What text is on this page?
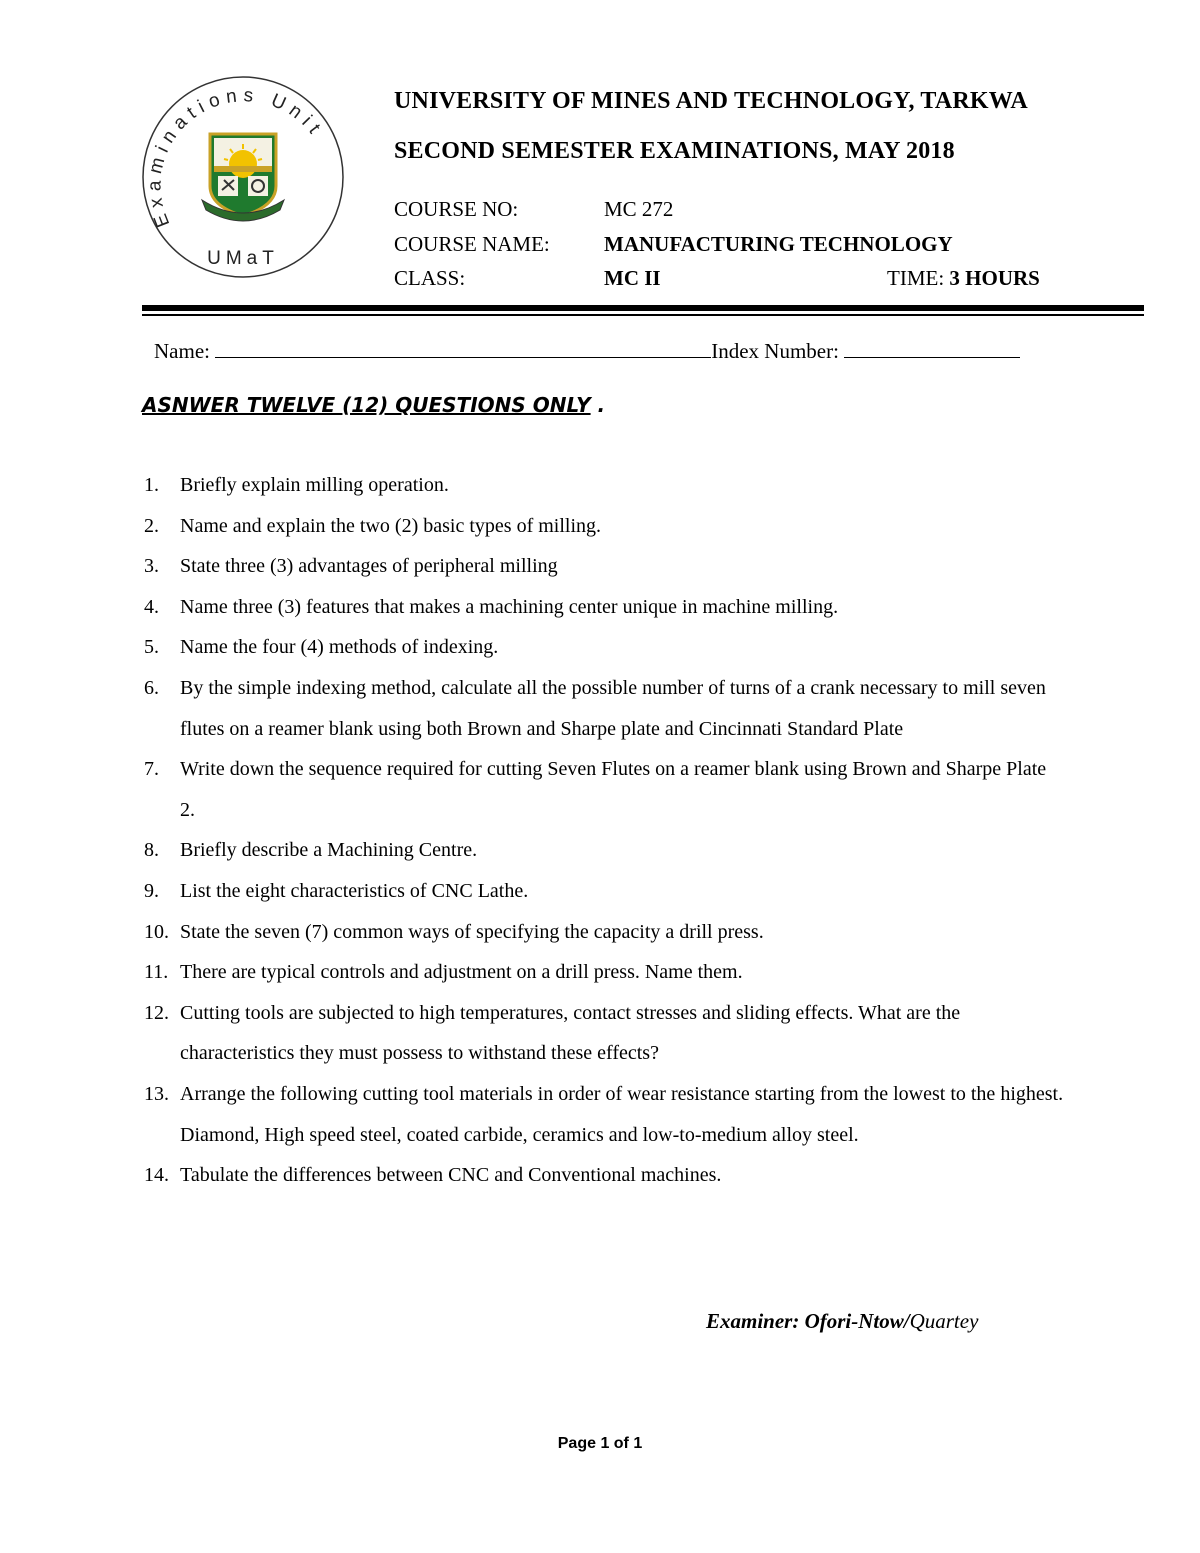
Examinations Unit
UMaT
UNIVERSITY OF MINES AND TECHNOLOGY, TARKWA
SECOND SEMESTER EXAMINATIONS, MAY 2018
COURSE NO:	MC 272
COURSE NAME:	MANUFACTURING TECHNOLOGY
CLASS:	MC II	TIME: 3 HOURS
Name:	Index Number:
ASNWER TWELVE (12) QUESTIONS ONLY .
1. Briefly explain milling operation.
2. Name and explain the two (2) basic types of milling.
3. State three (3) advantages of peripheral milling
4. Name three (3) features that makes a machining center unique in machine milling.
5. Name the four (4) methods of indexing.
6. By the simple indexing method, calculate all the possible number of turns of a crank necessary to mill seven flutes on a reamer blank using both Brown and Sharpe plate and Cincinnati Standard Plate
7. Write down the sequence required for cutting Seven Flutes on a reamer blank using Brown and Sharpe Plate 2.
8. Briefly describe a Machining Centre.
9. List the eight characteristics of CNC Lathe.
10. State the seven (7) common ways of specifying the capacity a drill press.
11. There are typical controls and adjustment on a drill press. Name them.
12. Cutting tools are subjected to high temperatures, contact stresses and sliding effects. What are the characteristics they must possess to withstand these effects?
13. Arrange the following cutting tool materials in order of wear resistance starting from the lowest to the highest. Diamond, High speed steel, coated carbide, ceramics and low-to-medium alloy steel.
14. Tabulate the differences between CNC and Conventional machines.
Examiner: Ofori-Ntow/Quartey
Page 1 of 1
